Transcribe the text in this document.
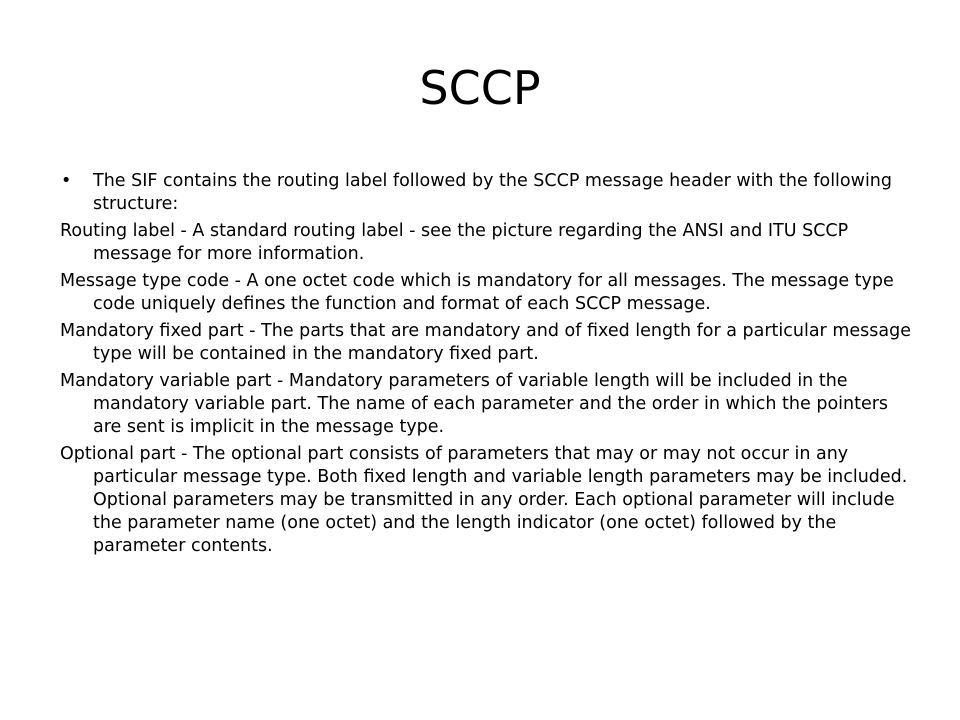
SCCP
• The SIF contains the routing label followed by the SCCP message header with the following structure:

Routing label - A standard routing label - see the picture regarding the ANSI and ITU SCCP message for more information.

Message type code - A one octet code which is mandatory for all messages. The message type code uniquely defines the function and format of each SCCP message.

Mandatory fixed part - The parts that are mandatory and of fixed length for a particular message type will be contained in the mandatory fixed part.

Mandatory variable part - Mandatory parameters of variable length will be included in the mandatory variable part. The name of each parameter and the order in which the pointers are sent is implicit in the message type.

Optional part - The optional part consists of parameters that may or may not occur in any particular message type. Both fixed length and variable length parameters may be included. Optional parameters may be transmitted in any order. Each optional parameter will include the parameter name (one octet) and the length indicator (one octet) followed by the parameter contents.
